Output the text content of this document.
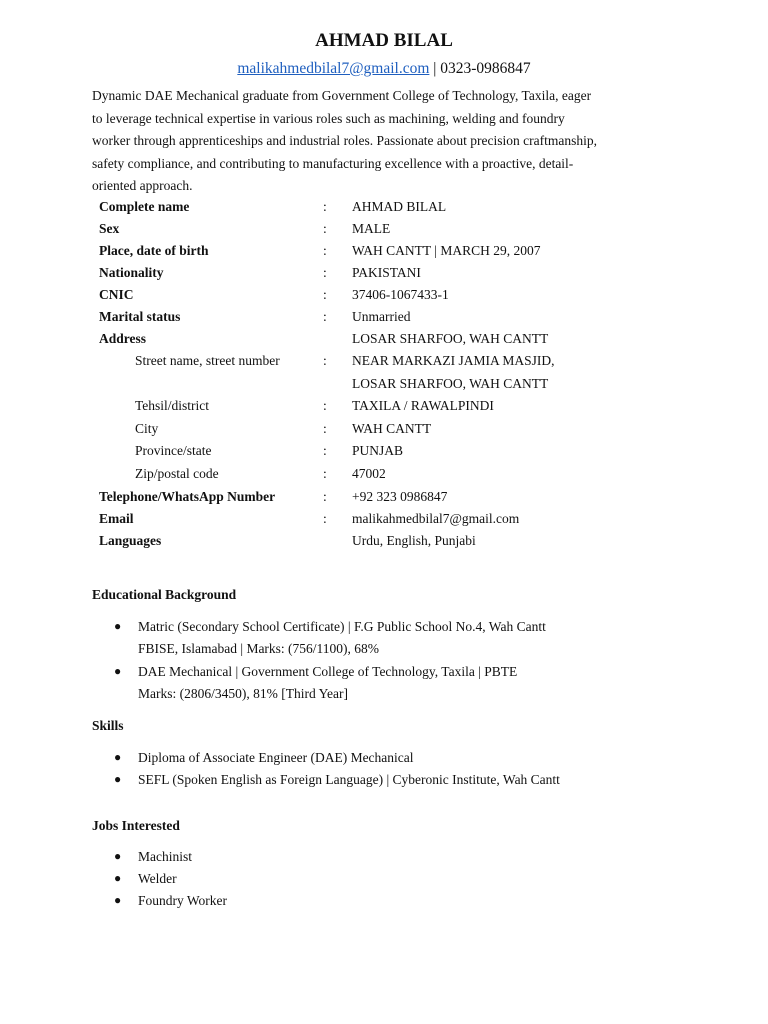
AHMAD BILAL
malikahmedbilal7@gmail.com | 0323-0986847

Dynamic DAE Mechanical graduate from Government College of Technology, Taxila, eager
to leverage technical expertise in various roles such as machining, welding and foundry
worker through apprenticeships and industrial roles. Passionate about precision craftmanship,
safety compliance, and contributing to manufacturing excellence with a proactive, detail-
oriented approach.

Complete name	: AHMAD BILAL
Sex	: MALE
Place, date of birth	: WAH CANTT | MARCH 29, 2007
Nationality	: PAKISTANI
CNIC	: 37406-1067433-1
Marital status	: Unmarried
Address	LOSAR SHARFOO, WAH CANTT
Street name, street number	: NEAR MARKAZI JAMIA MASJID,
LOSAR SHARFOO, WAH CANTT
Tehsil/district	: TAXILA / RAWALPINDI
City	: WAH CANTT
Province/state	: PUNJAB
Zip/postal code	: 47002
Telephone/WhatsApp Number	: +92 323 0986847
Email	: malikahmedbilal7@gmail.com
Languages	Urdu, English, Punjabi
Educational Background
● Matric (Secondary School Certificate) | F.G Public School No.4, Wah Cantt
FBISE, Islamabad | Marks: (756/1100), 68%
● DAE Mechanical | Government College of Technology, Taxila | PBTE
Marks: (2806/3450), 81% [Third Year]
Skills
● Diploma of Associate Engineer (DAE) Mechanical
● SEFL (Spoken English as Foreign Language) | Cyberonic Institute, Wah Cantt
Jobs Interested
● Machinist
● Welder
● Foundry Worker
